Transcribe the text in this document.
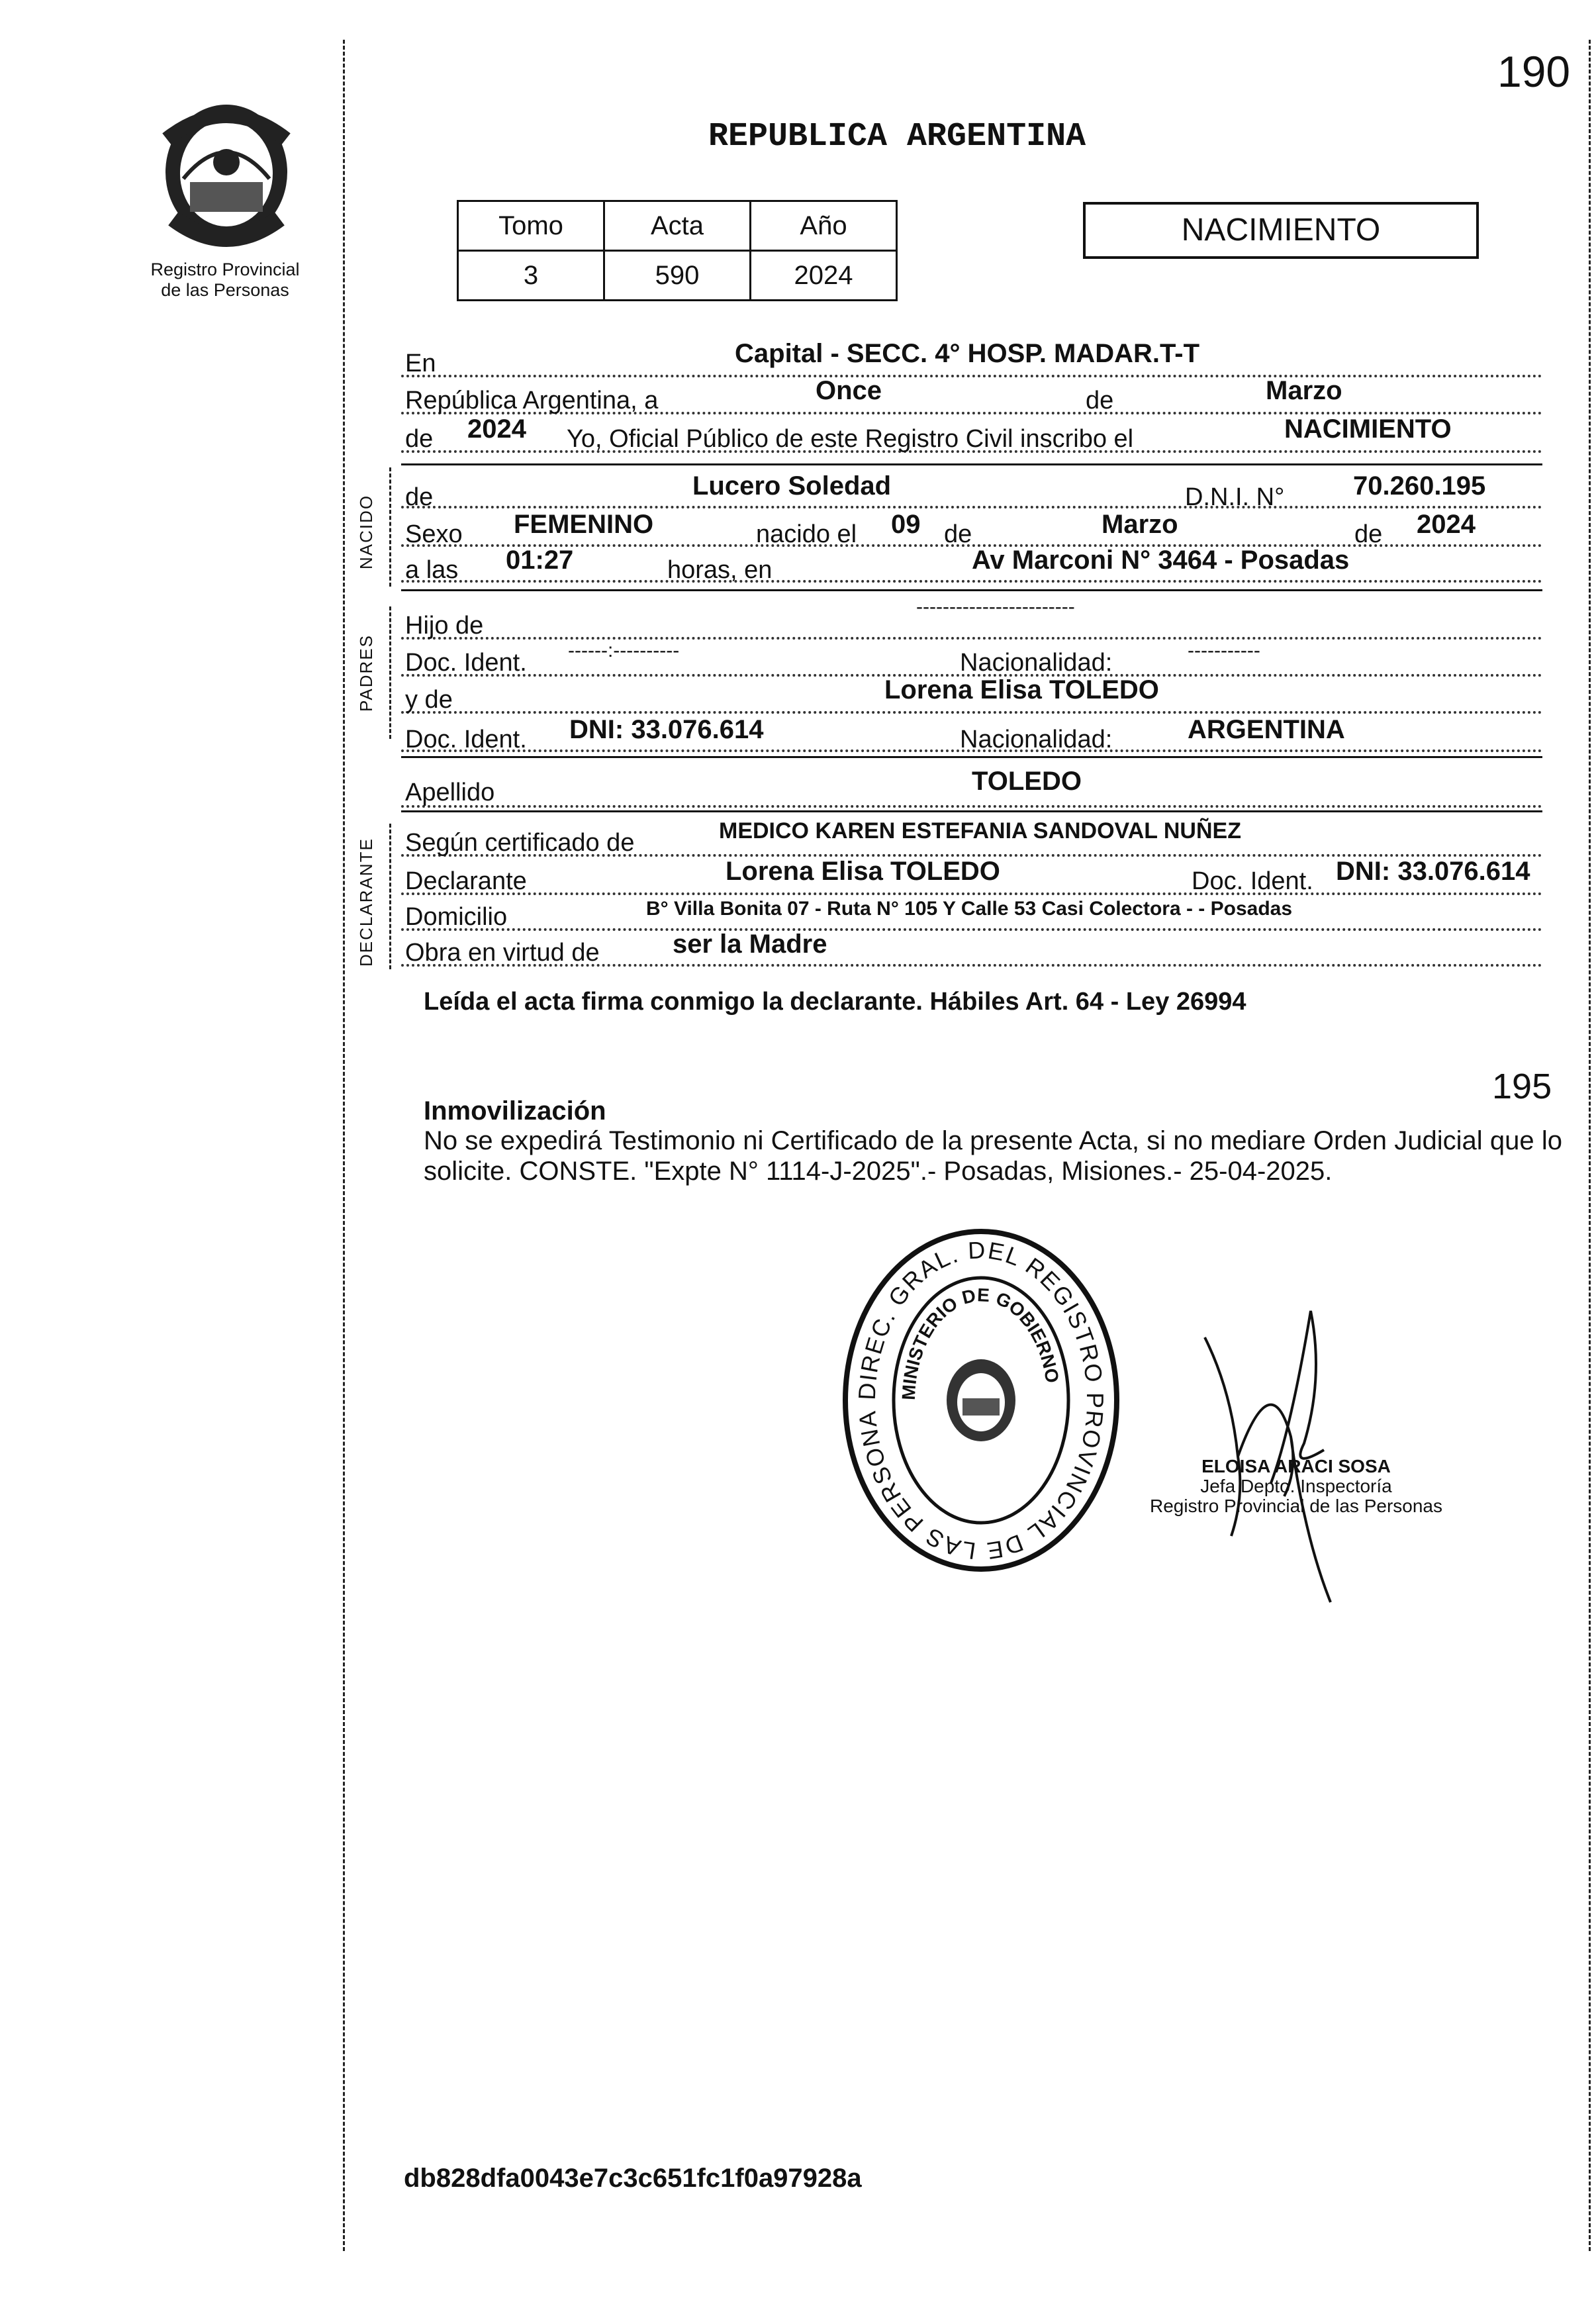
190
Registro Provincial
de las Personas
REPUBLICA ARGENTINA
Tomo	Acta	Año
3	590	2024
NACIMIENTO
NACIDO
PADRES
DECLARANTE
En	Capital - SECC. 4° HOSP. MADAR.T-T
República Argentina, a	Once	de	Marzo
de 2024 Yo, Oficial Público de este Registro Civil inscribo el	NACIMIENTO
de	Lucero Soledad	D.N.I. N°	70.260.195
Sexo FEMENINO	nacido el 09 de	Marzo	de 2024
a las 01:27	horas, en	Av Marconi N° 3464 - Posadas
Hijo de
------------------------
Doc. Ident. ------:----------	Nacionalidad:	-----------
y de	Lorena Elisa TOLEDO
Doc. Ident. DNI: 33.076.614	Nacionalidad:	ARGENTINA
Apellido	TOLEDO
Según certificado de	MEDICO KAREN ESTEFANIA SANDOVAL NUÑEZ
Declarante	Lorena Elisa TOLEDO	Doc. Ident. DNI: 33.076.614
Domicilio	B° Villa Bonita 07 - Ruta N° 105 Y Calle 53 Casi Colectora - - Posadas
Obra en virtud de	ser la Madre
Leída el acta firma conmigo la declarante. Hábiles Art. 64 - Ley 26994
195
Inmovilización
No se expedirá Testimonio ni Certificado de la presente Acta, si no mediare Orden Judicial que lo solicite. CONSTE. "Expte N° 1114-J-2025".- Posadas, Misiones.- 25-04-2025.
DIREC. GRAL. DEL REGISTRO PROVINCIAL DE LAS PERSONA
MINISTERIO DE GOBIERNO
ELOISA ARACI SOSA
Jefa Depto. Inspectoría
Registro Provincial de las Personas
db828dfa0043e7c3c651fc1f0a97928a
